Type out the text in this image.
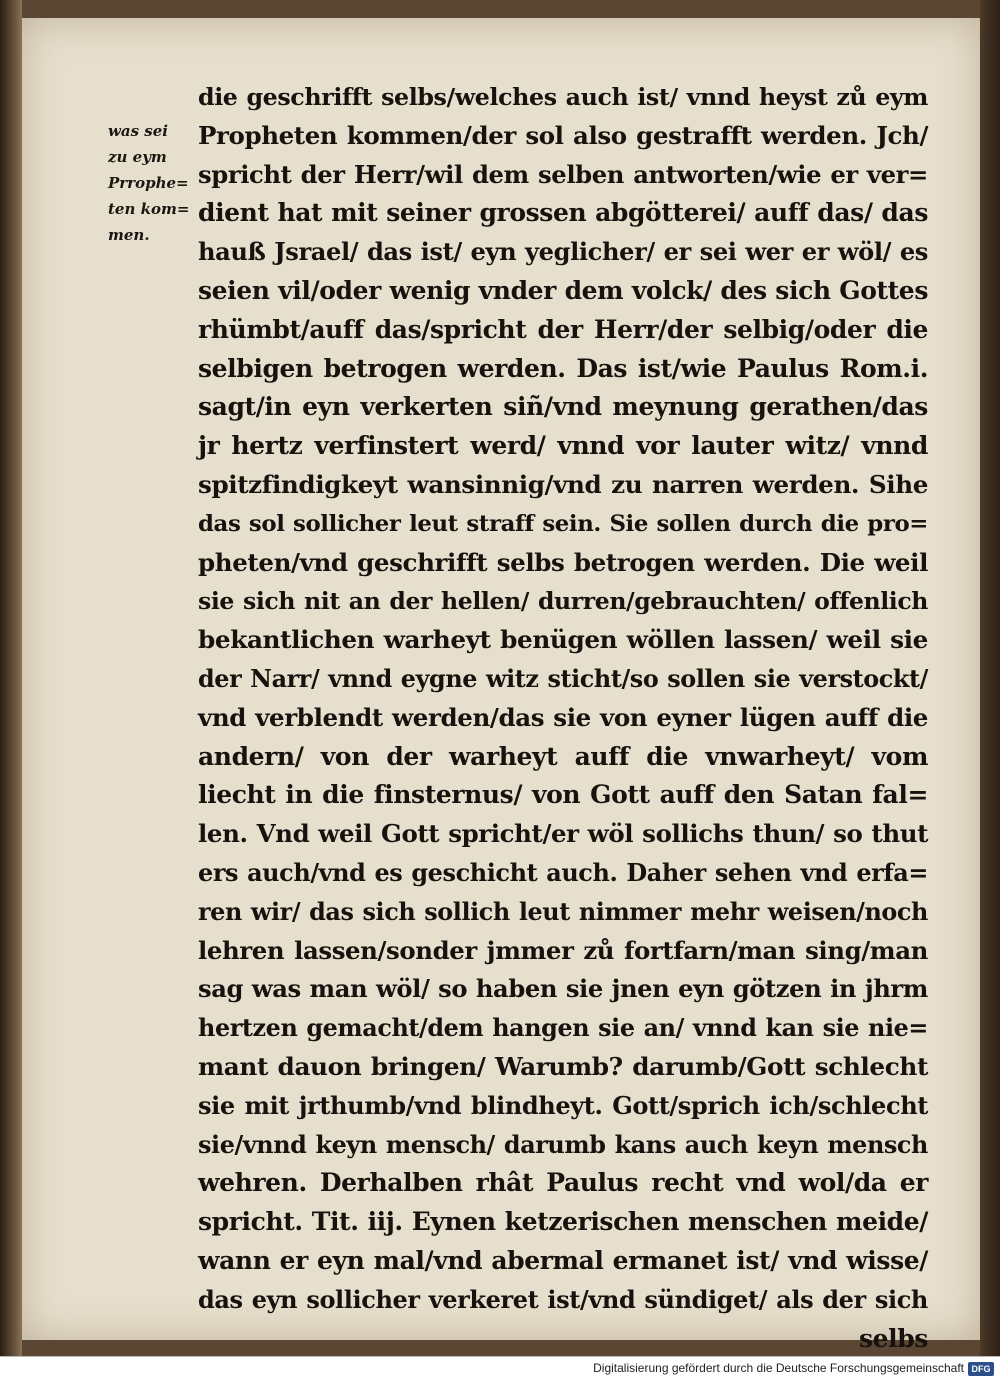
was sei
zu eym
Prrophe=
ten kom=
men.
die geschrifft selbs/welches auch ist/ vnnd heyst zů eym
Propheten kommen/der sol also gestrafft werden. Jch/
spricht der Herr/wil dem selben antworten/wie er ver=
dient hat mit seiner grossen abgötterei/ auff das/ das
hauß Jsrael/ das ist/ eyn yeglicher/ er sei wer er wöl/ es
seien vil/oder wenig vnder dem volck/ des sich Gottes
rhümbt/auff das/spricht der Herr/der selbig/oder die
selbigen betrogen werden. Das ist/wie Paulus Rom.i.
sagt/in eyn verkerten siñ/vnd meynung gerathen/das
jr hertz verfinstert werd/ vnnd vor lauter witz/ vnnd
spitzfindigkeyt wansinnig/vnd zu narren werden. Sihe
das sol sollicher leut straff sein. Sie sollen durch die pro=
pheten/vnd geschrifft selbs betrogen werden. Die weil
sie sich nit an der hellen/ durren/gebrauchten/ offenlich
bekantlichen warheyt benügen wöllen lassen/ weil sie
der Narr/ vnnd eygne witz sticht/so sollen sie verstockt/
vnd verblendt werden/das sie von eyner lügen auff die
andern/ von der warheyt auff die vnwarheyt/ vom
liecht in die finsternus/ von Gott auff den Satan fal=
len. Vnd weil Gott spricht/er wöl sollichs thun/ so thut
ers auch/vnd es geschicht auch. Daher sehen vnd erfa=
ren wir/ das sich sollich leut nimmer mehr weisen/noch
lehren lassen/sonder jmmer zů fortfarn/man sing/man
sag was man wöl/ so haben sie jnen eyn götzen in jhrm
hertzen gemacht/dem hangen sie an/ vnnd kan sie nie=
mant dauon bringen/ Warumb? darumb/Gott schlecht
sie mit jrthumb/vnd blindheyt. Gott/sprich ich/schlecht
sie/vnnd keyn mensch/ darumb kans auch keyn mensch
wehren. Derhalben rhât Paulus recht vnd wol/da er
spricht. Tit. iij. Eynen ketzerischen menschen meide/
wann er eyn mal/vnd abermal ermanet ist/ vnd wisse/
das eyn sollicher verkeret ist/vnd sündiget/ als der sich
selbs
Digitalisierung gefördert durch die Deutsche Forschungsgemeinschaft DFG
